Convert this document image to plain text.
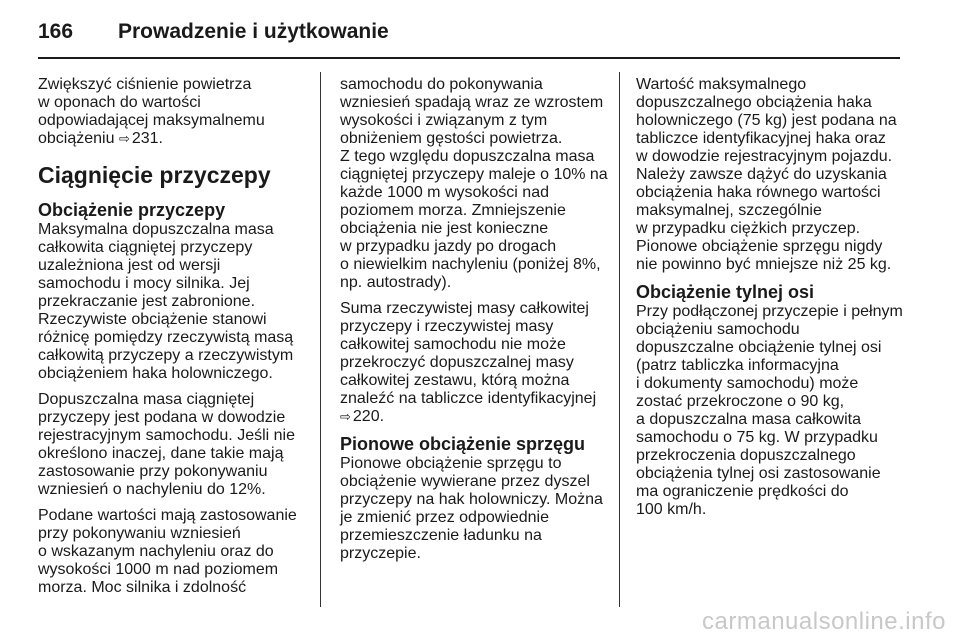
166	Prowadzenie i użytkowanie

Zwiększyć ciśnienie powietrza
w oponach do wartości
odpowiadającej maksymalnemu
obciążeniu ⇨ 231.

Ciągnięcie przyczepy
Obciążenie przyczepy

Maksymalna dopuszczalna masa
całkowita ciągniętej przyczepy
uzależniona jest od wersji
samochodu i mocy silnika. Jej
przekraczanie jest zabronione.
Rzeczywiste obciążenie stanowi
różnicę pomiędzy rzeczywistą masą
całkowitą przyczepy a rzeczywistym
obciążeniem haka holowniczego.

Dopuszczalna masa ciągniętej
przyczepy jest podana w dowodzie
rejestracyjnym samochodu. Jeśli nie
określono inaczej, dane takie mają
zastosowanie przy pokonywaniu
wzniesień o nachyleniu do 12%.

Podane wartości mają zastosowanie
przy pokonywaniu wzniesień
o wskazanym nachyleniu oraz do
wysokości 1000 m nad poziomem
morza. Moc silnika i zdolność

samochodu do pokonywania
wzniesień spadają wraz ze wzrostem
wysokości i związanym z tym
obniżeniem gęstości powietrza.
Z tego względu dopuszczalna masa
ciągniętej przyczepy maleje o 10% na
każde 1000 m wysokości nad
poziomem morza. Zmniejszenie
obciążenia nie jest konieczne
w przypadku jazdy po drogach
o niewielkim nachyleniu (poniżej 8%,
np. autostrady).

Suma rzeczywistej masy całkowitej
przyczepy i rzeczywistej masy
całkowitej samochodu nie może
przekroczyć dopuszczalnej masy
całkowitej zestawu, którą można
znaleźć na tabliczce identyfikacyjnej
⇨ 220.

Pionowe obciążenie sprzęgu

Pionowe obciążenie sprzęgu to
obciążenie wywierane przez dyszel
przyczepy na hak holowniczy. Można
je zmienić przez odpowiednie
przemieszczenie ładunku na
przyczepie.

Wartość maksymalnego
dopuszczalnego obciążenia haka
holowniczego (75 kg) jest podana na
tabliczce identyfikacyjnej haka oraz
w dowodzie rejestracyjnym pojazdu.
Należy zawsze dążyć do uzyskania
obciążenia haka równego wartości
maksymalnej, szczególnie
w przypadku ciężkich przyczep.
Pionowe obciążenie sprzęgu nigdy
nie powinno być mniejsze niż 25 kg.

Obciążenie tylnej osi

Przy podłączonej przyczepie i pełnym
obciążeniu samochodu
dopuszczalne obciążenie tylnej osi
(patrz tabliczka informacyjna
i dokumenty samochodu) może
zostać przekroczone o 90 kg,
a dopuszczalna masa całkowita
samochodu o 75 kg. W przypadku
przekroczenia dopuszczalnego
obciążenia tylnej osi zastosowanie
ma ograniczenie prędkości do
100 km/h.

carmanualsonline.info
